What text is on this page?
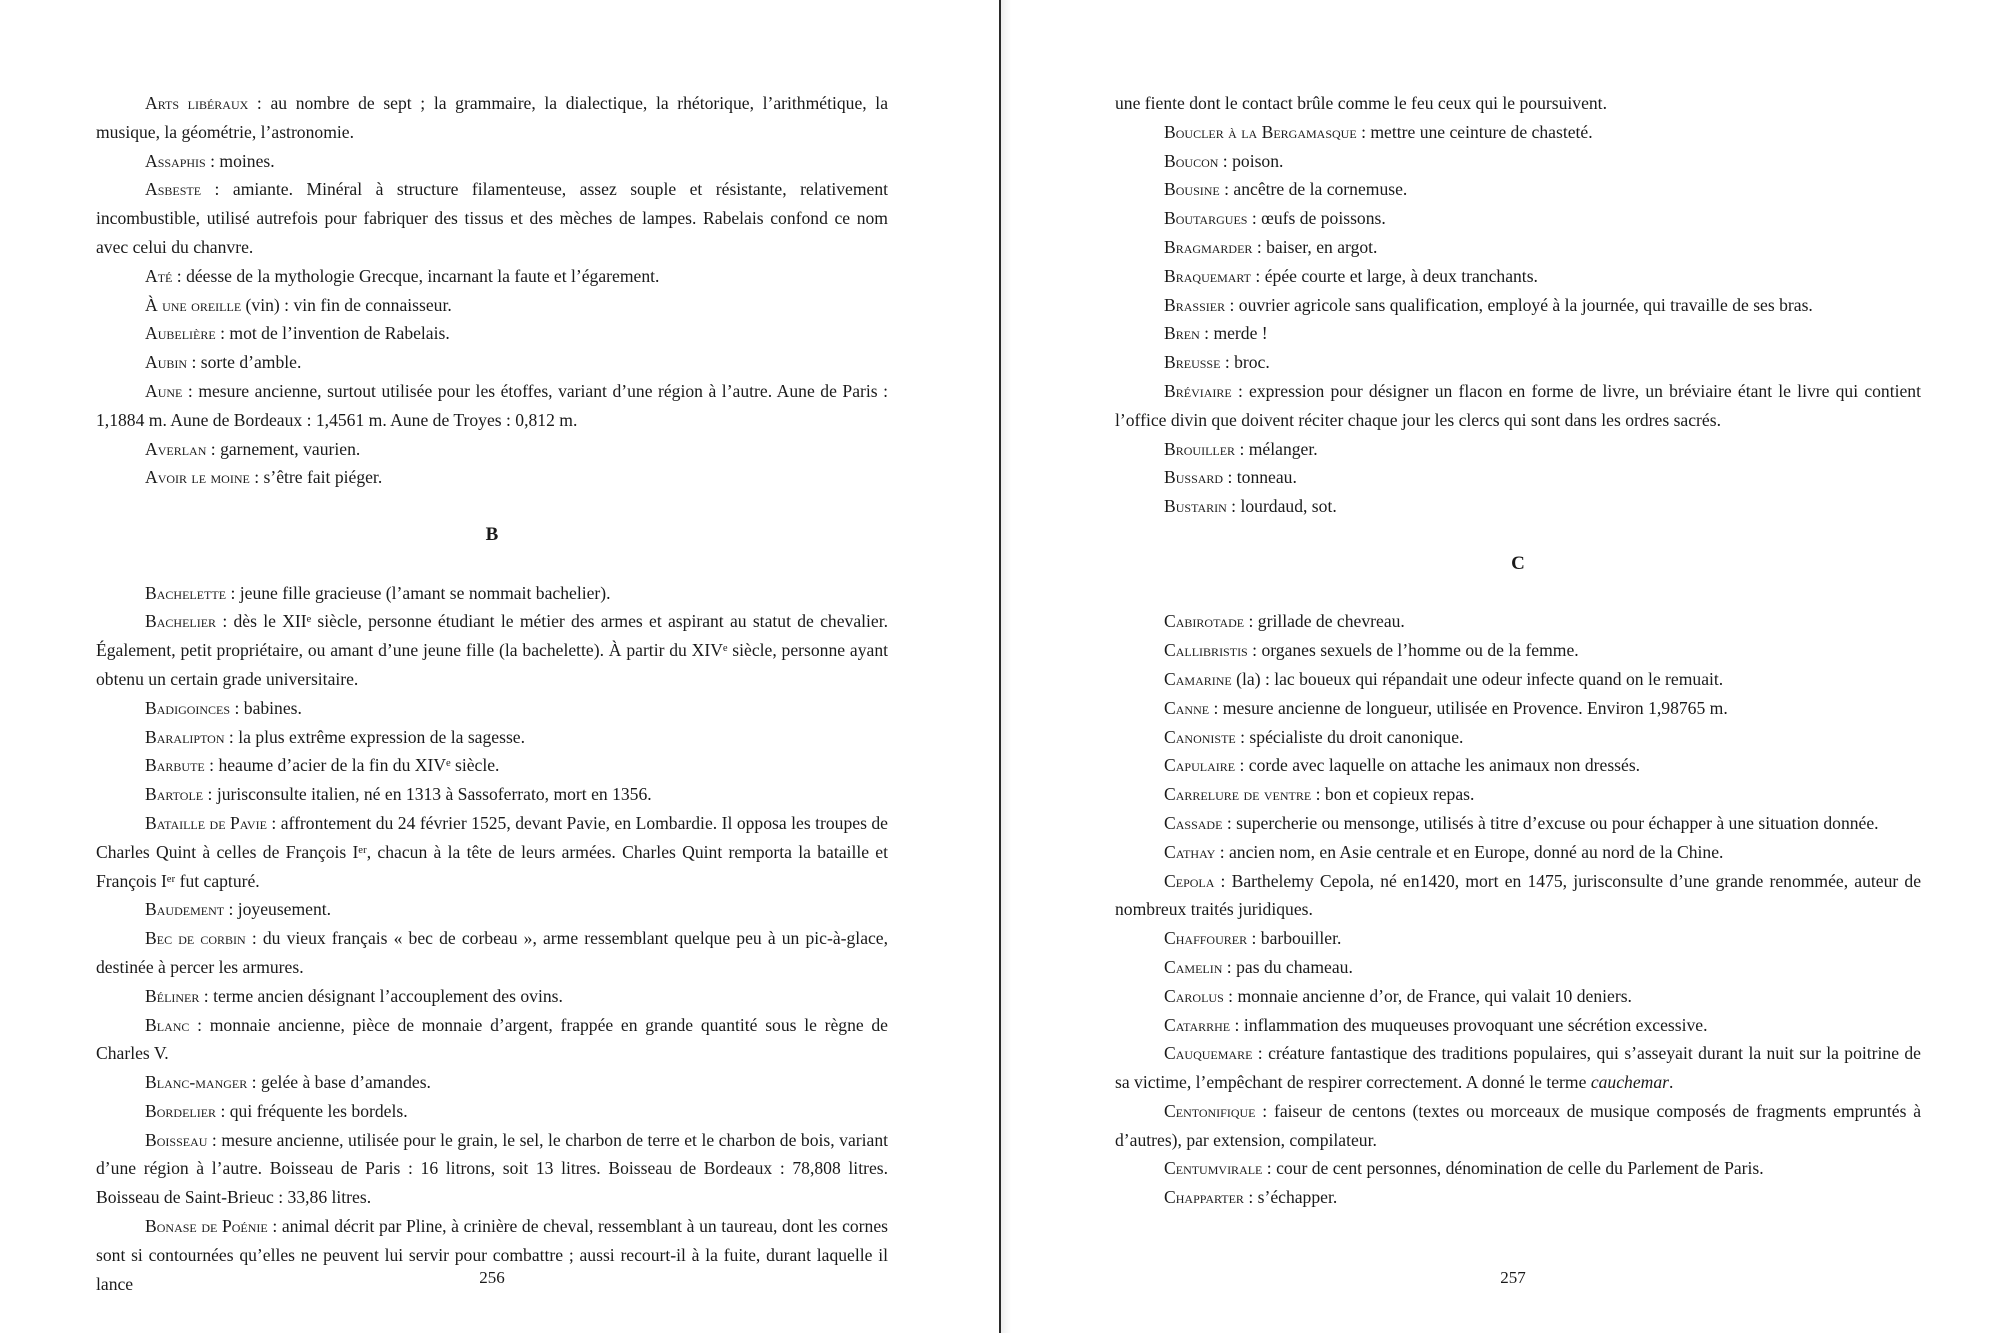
Arts libéraux : au nombre de sept ; la grammaire, la dialectique, la rhétorique, l’arithmétique, la musique, la géométrie, l’astronomie.

Assaphis : moines.

Asbeste : amiante. Minéral à structure filamenteuse, assez souple et résistante, relativement incombustible, utilisé autrefois pour fabriquer des tissus et des mèches de lampes. Rabelais confond ce nom avec celui du chanvre.

Até : déesse de la mythologie Grecque, incarnant la faute et l’égarement.

À une oreille (vin) : vin fin de connaisseur.

Aubelière : mot de l’invention de Rabelais.

Aubin : sorte d’amble.

Aune : mesure ancienne, surtout utilisée pour les étoffes, variant d’une région à l’autre. Aune de Paris : 1,1884 m. Aune de Bordeaux : 1,4561 m. Aune de Troyes : 0,812 m.

Averlan : garnement, vaurien.

Avoir le moine : s’être fait piéger.

B

Bachelette : jeune fille gracieuse (l’amant se nommait bachelier).

Bachelier : dès le XIIᵉ siècle, personne étudiant le métier des armes et aspirant au statut de chevalier. Également, petit propriétaire, ou amant d’une jeune fille (la bachelette). À partir du XIVᵉ siècle, personne ayant obtenu un certain grade universitaire.

Badigoinces : babines.

Baralipton : la plus extrême expression de la sagesse.

Barbute : heaume d’acier de la fin du XIVᵉ siècle.

Bartole : jurisconsulte italien, né en 1313 à Sassoferrato, mort en 1356.

Bataille de Pavie : affrontement du 24 février 1525, devant Pavie, en Lombardie. Il opposa les troupes de Charles Quint à celles de François Iᵉʳ, chacun à la tête de leurs armées. Charles Quint remporta la bataille et François Iᵉʳ fut capturé.

Baudement : joyeusement.

Bec de corbin : du vieux français « bec de corbeau », arme ressemblant quelque peu à un pic-à-glace, destinée à percer les armures.

Béliner : terme ancien désignant l’accouplement des ovins.

Blanc : monnaie ancienne, pièce de monnaie d’argent, frappée en grande quantité sous le règne de Charles V.

Blanc-manger : gelée à base d’amandes.

Bordelier : qui fréquente les bordels.

Boisseau : mesure ancienne, utilisée pour le grain, le sel, le charbon de terre et le charbon de bois, variant d’une région à l’autre. Boisseau de Paris : 16 litrons, soit 13 litres. Boisseau de Bordeaux : 78,808 litres. Boisseau de Saint-Brieuc : 33,86 litres.

Bonase de Poénie : animal décrit par Pline, à crinière de cheval, ressemblant à un taureau, dont les cornes sont si contournées qu’elles ne peuvent lui servir pour combattre ; aussi recourt-il à la fuite, durant laquelle il lance	256

une fiente dont le contact brûle comme le feu ceux qui le poursuivent.

Boucler à la Bergamasque : mettre une ceinture de chasteté.

Boucon : poison.

Bousine : ancêtre de la cornemuse.

Boutargues : œufs de poissons.

Bragmarder : baiser, en argot.

Braquemart : épée courte et large, à deux tranchants.

Brassier : ouvrier agricole sans qualification, employé à la journée, qui travaille de ses bras.

Bren : merde !

Breusse : broc.

Bréviaire : expression pour désigner un flacon en forme de livre, un bréviaire étant le livre qui contient l’office divin que doivent réciter chaque jour les clercs qui sont dans les ordres sacrés.

Brouiller : mélanger.

Bussard : tonneau.

Bustarin : lourdaud, sot.

C

Cabirotade : grillade de chevreau.

Callibristis : organes sexuels de l’homme ou de la femme.

Camarine (la) : lac boueux qui répandait une odeur infecte quand on le remuait.

Canne : mesure ancienne de longueur, utilisée en Provence. Environ 1,98765 m.

Canoniste : spécialiste du droit canonique.

Capulaire : corde avec laquelle on attache les animaux non dressés.

Carrelure de ventre : bon et copieux repas.

Cassade : supercherie ou mensonge, utilisés à titre d’excuse ou pour échapper à une situation donnée.

Cathay : ancien nom, en Asie centrale et en Europe, donné au nord de la Chine.

Cepola : Barthelemy Cepola, né en1420, mort en 1475, jurisconsulte d’une grande renommée, auteur de nombreux traités juridiques.

Chaffourer : barbouiller.

Camelin : pas du chameau.

Carolus : monnaie ancienne d’or, de France, qui valait 10 deniers.

Catarrhe : inflammation des muqueuses provoquant une sécrétion excessive.

Cauquemare : créature fantastique des traditions populaires, qui s’asseyait durant la nuit sur la poitrine de sa victime, l’empêchant de respirer correctement. A donné le terme cauchemar.

Centonifique : faiseur de centons (textes ou morceaux de musique composés de fragments empruntés à d’autres), par extension, compilateur.

Centumvirale : cour de cent personnes, dénomination de celle du Parlement de Paris.

Chapparter : s’échapper.

257
